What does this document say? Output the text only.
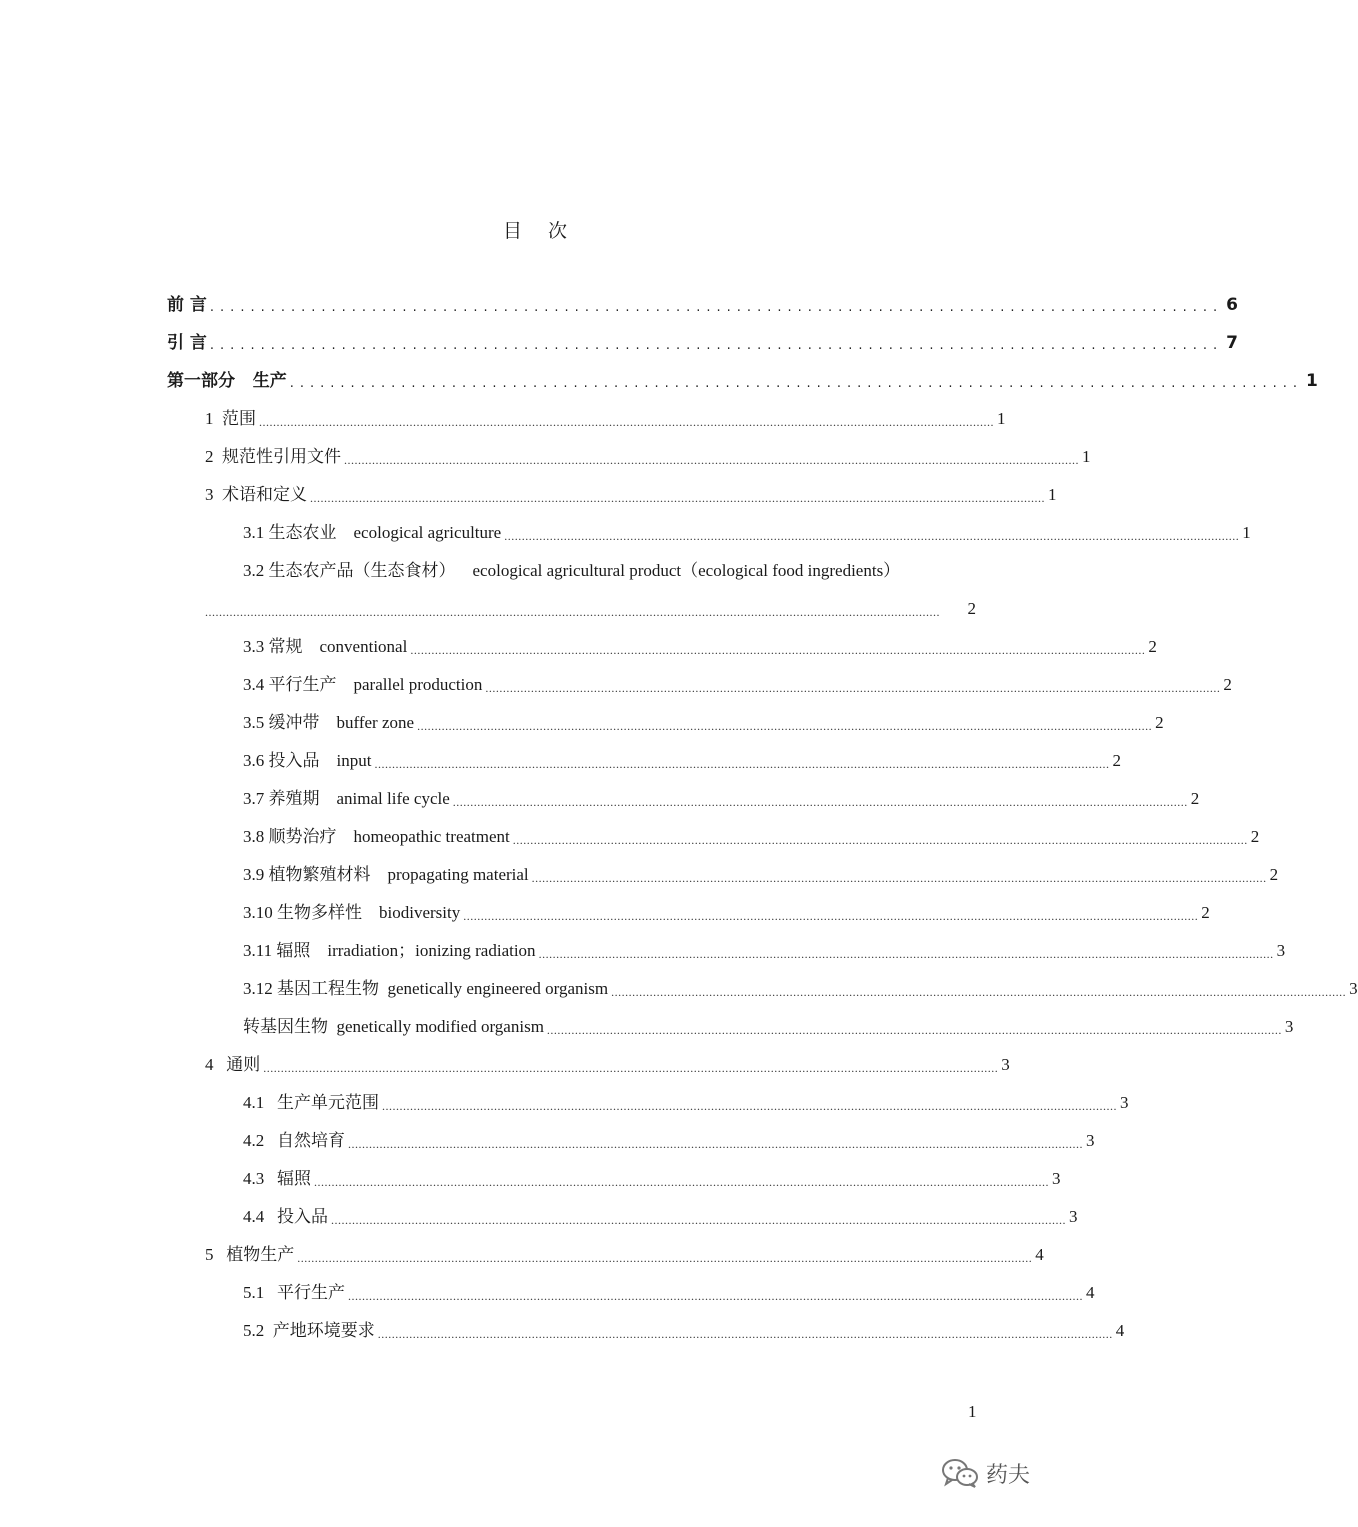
目 次
前 言 .................................................................................................... 6
引 言 .................................................................................................... 7
第一部分   生产 .................................................................................................... 1
1  范围 .................................................................................................................................................................................................................. 1
2  规范性引用文件 .................................................................................................................................................................................................................. 1
3  术语和定义 .................................................................................................................................................................................................................. 1
3.1 生态农业    ecological agriculture .................................................................................................................................................................................................................. 1
3.2 生态农产品（生态食材）    ecological agricultural product（ecological food ingredients）
..................................................................................................................................................................................................................	2
3.3 常规    conventional .................................................................................................................................................................................................................. 2
3.4 平行生产    parallel production .................................................................................................................................................................................................................. 2
3.5 缓冲带    buffer zone .................................................................................................................................................................................................................. 2
3.6 投入品    input .................................................................................................................................................................................................................. 2
3.7 养殖期    animal life cycle .................................................................................................................................................................................................................. 2
3.8 顺势治疗    homeopathic treatment .................................................................................................................................................................................................................. 2
3.9 植物繁殖材料    propagating material .................................................................................................................................................................................................................. 2
3.10 生物多样性    biodiversity .................................................................................................................................................................................................................. 2
3.11 辐照    irradiation；ionizing radiation .................................................................................................................................................................................................................. 3
3.12 基因工程生物  genetically engineered organism .................................................................................................................................................................................................................. 3
转基因生物  genetically modified organism .................................................................................................................................................................................................................. 3
4   通则 .................................................................................................................................................................................................................. 3
4.1   生产单元范围 .................................................................................................................................................................................................................. 3
4.2   自然培育 .................................................................................................................................................................................................................. 3
4.3   辐照 .................................................................................................................................................................................................................. 3
4.4   投入品 .................................................................................................................................................................................................................. 3
5   植物生产 .................................................................................................................................................................................................................. 4
5.1   平行生产 .................................................................................................................................................................................................................. 4
5.2  产地环境要求 .................................................................................................................................................................................................................. 4
1
药夫
